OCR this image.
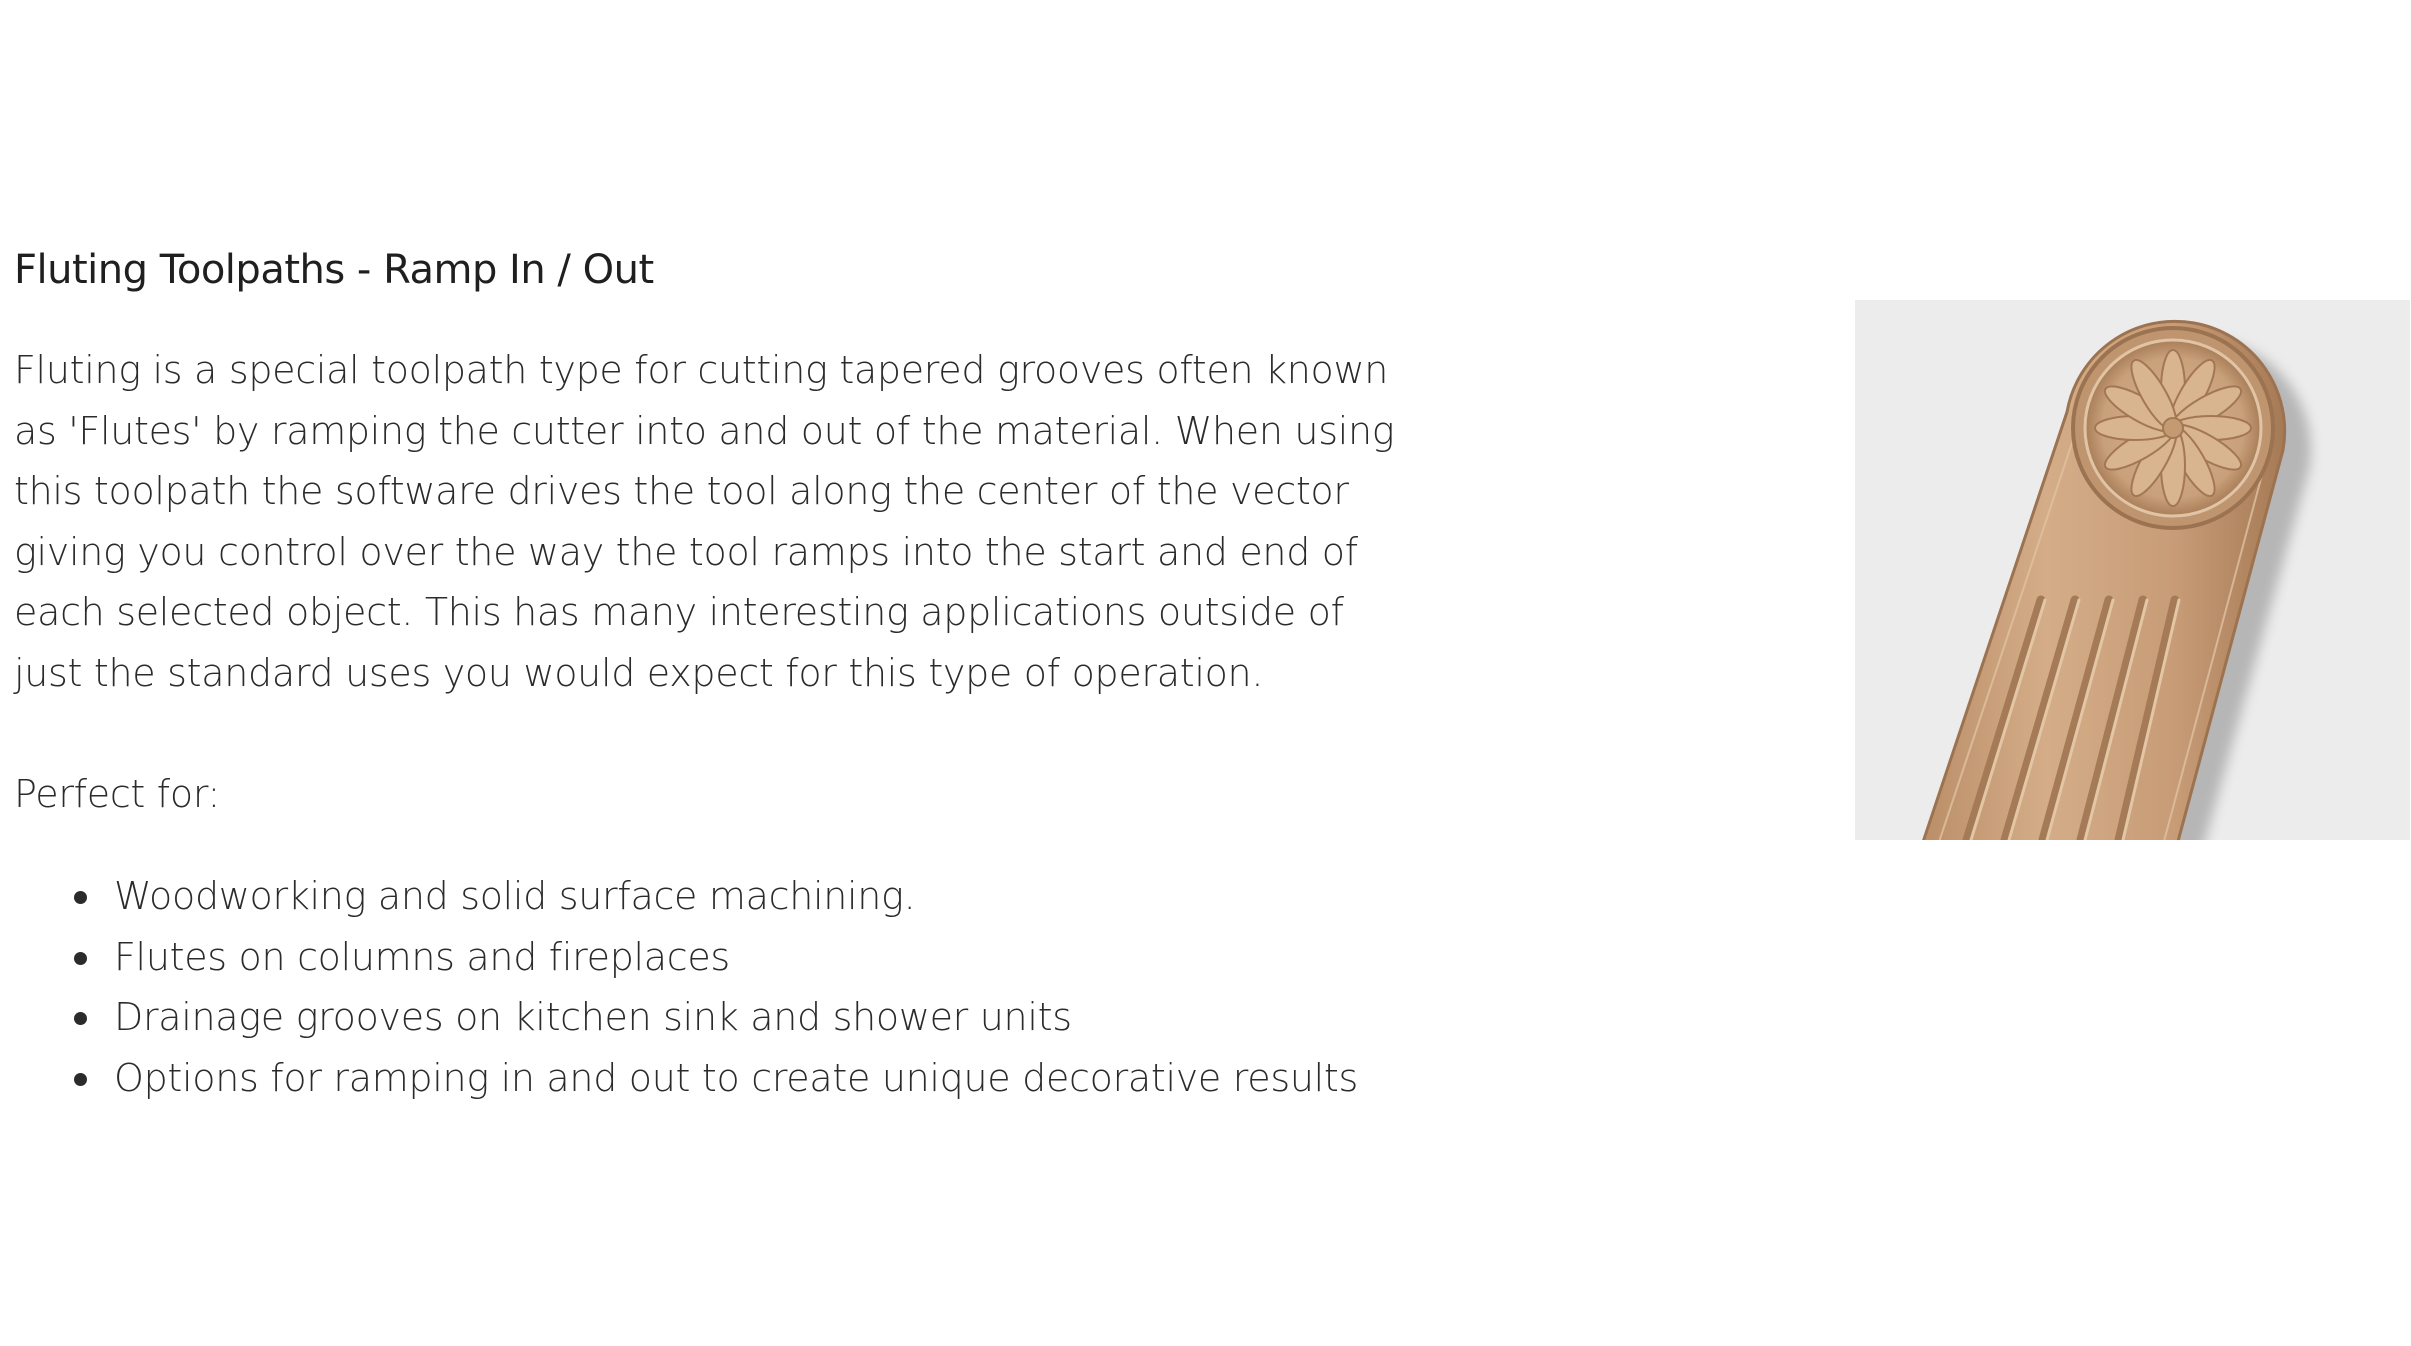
Fluting Toolpaths - Ramp In / Out

Fluting is a special toolpath type for cutting tapered grooves often known
as 'Flutes' by ramping the cutter into and out of the material. When using
this toolpath the software drives the tool along the center of the vector
giving you control over the way the tool ramps into the start and end of
each selected object. This has many interesting applications outside of
just the standard uses you would expect for this type of operation.

Perfect for:

Woodworking and solid surface machining.
Flutes on columns and fireplaces
Drainage grooves on kitchen sink and shower units
Options for ramping in and out to create unique decorative results
